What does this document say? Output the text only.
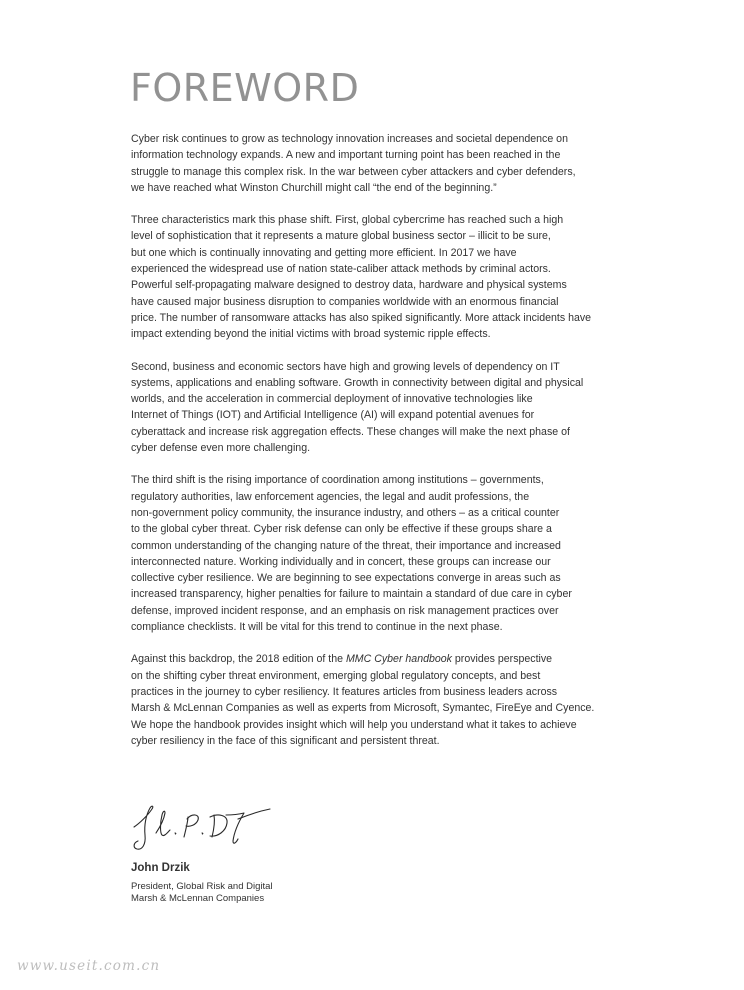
FOREWORD

Cyber risk continues to grow as technology innovation increases and societal dependence on
information technology expands. A new and important turning point has been reached in the
struggle to manage this complex risk. In the war between cyber attackers and cyber defenders,
we have reached what Winston Churchill might call “the end of the beginning.”

Three characteristics mark this phase shift. First, global cybercrime has reached such a high
level of sophistication that it represents a mature global business sector – illicit to be sure,
but one which is continually innovating and getting more efficient. In 2017 we have
experienced the widespread use of nation state-caliber attack methods by criminal actors.
Powerful self-propagating malware designed to destroy data, hardware and physical systems
have caused major business disruption to companies worldwide with an enormous financial
price. The number of ransomware attacks has also spiked significantly. More attack incidents have
impact extending beyond the initial victims with broad systemic ripple effects.

Second, business and economic sectors have high and growing levels of dependency on IT
systems, applications and enabling software. Growth in connectivity between digital and physical
worlds, and the acceleration in commercial deployment of innovative technologies like
Internet of Things (IOT) and Artificial Intelligence (AI) will expand potential avenues for
cyberattack and increase risk aggregation effects. These changes will make the next phase of
cyber defense even more challenging.

The third shift is the rising importance of coordination among institutions – governments,
regulatory authorities, law enforcement agencies, the legal and audit professions, the
non-government policy community, the insurance industry, and others – as a critical counter
to the global cyber threat. Cyber risk defense can only be effective if these groups share a
common understanding of the changing nature of the threat, their importance and increased
interconnected nature. Working individually and in concert, these groups can increase our
collective cyber resilience. We are beginning to see expectations converge in areas such as
increased transparency, higher penalties for failure to maintain a standard of due care in cyber
defense, improved incident response, and an emphasis on risk management practices over
compliance checklists. It will be vital for this trend to continue in the next phase.

Against this backdrop, the 2018 edition of the MMC Cyber handbook provides perspective
on the shifting cyber threat environment, emerging global regulatory concepts, and best
practices in the journey to cyber resiliency. It features articles from business leaders across
Marsh & McLennan Companies as well as experts from Microsoft, Symantec, FireEye and Cyence.
We hope the handbook provides insight which will help you understand what it takes to achieve
cyber resiliency in the face of this significant and persistent threat.

John Drzik

President, Global Risk and Digital
Marsh & McLennan Companies
www.useit.com.cn
